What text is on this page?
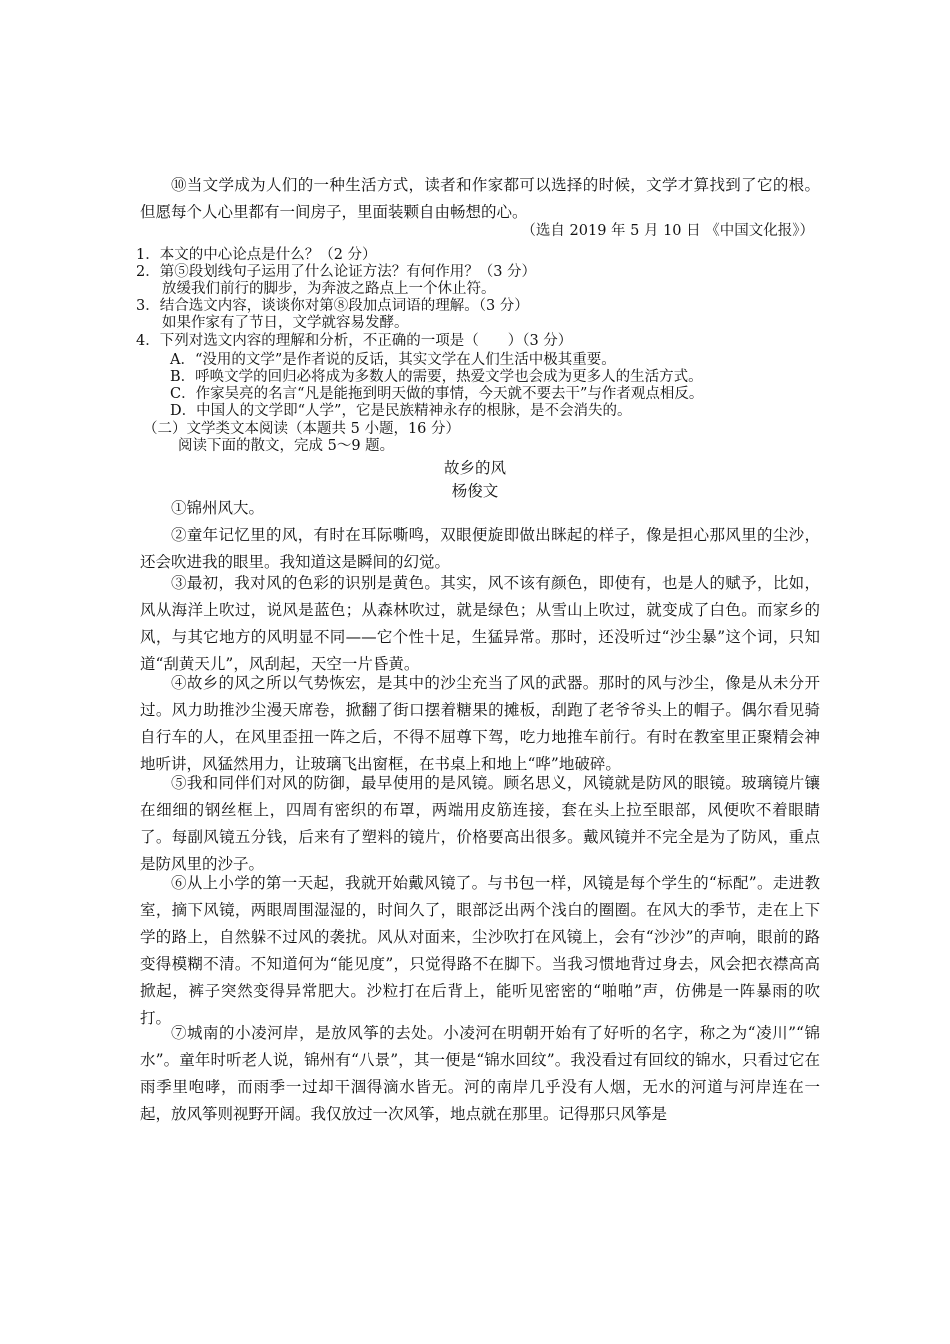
⑩当文学成为人们的一种生活方式，读者和作家都可以选择的时候，文学才算找到了它的根。但愿每个人心里都有一间房子，里面装颗自由畅想的心。

（选自 2019 年 5 月 10 日 《中国文化报》）

1．本文的中心论点是什么？（2 分）

2．第⑤段划线句子运用了什么论证方法？有何作用？（3 分）

放缓我们前行的脚步，为奔波之路点上一个休止符。

3．结合选文内容，谈谈你对第⑧段加点词语的理解。（3 分）

如果作家有了节日，文学就容易发酵。

4．下列对选文内容的理解和分析，不正确的一项是（　　）（3 分）

A．“没用的文学”是作者说的反话，其实文学在人们生活中极其重要。

B．呼唤文学的回归必将成为多数人的需要，热爱文学也会成为更多人的生活方式。

C．作家吴亮的名言“凡是能拖到明天做的事情，今天就不要去干”与作者观点相反。

D．中国人的文学即“人学”，它是民族精神永存的根脉，是不会消失的。

（二）文学类文本阅读（本题共 5 小题，16 分）

阅读下面的散文，完成 5～9 题。

故乡的风

杨俊文

①锦州风大。

②童年记忆里的风，有时在耳际嘶鸣，双眼便旋即做出眯起的样子，像是担心那风里的尘沙，还会吹进我的眼里。我知道这是瞬间的幻觉。

③最初，我对风的色彩的识别是黄色。其实，风不该有颜色，即使有，也是人的赋予，比如，风从海洋上吹过，说风是蓝色；从森林吹过，就是绿色；从雪山上吹过，就变成了白色。而家乡的风，与其它地方的风明显不同——它个性十足，生猛异常。那时，还没听过“沙尘暴”这个词，只知道“刮黄天儿”，风刮起，天空一片昏黄。

④故乡的风之所以气势恢宏，是其中的沙尘充当了风的武器。那时的风与沙尘，像是从未分开过。风力助推沙尘漫天席卷，掀翻了街口摆着糖果的摊板，刮跑了老爷爷头上的帽子。偶尔看见骑自行车的人，在风里歪扭一阵之后，不得不屈尊下驾，吃力地推车前行。有时在教室里正聚精会神地听讲，风猛然用力，让玻璃飞出窗框，在书桌上和地上“哗”地破碎。

⑤我和同伴们对风的防御，最早使用的是风镜。顾名思义，风镜就是防风的眼镜。玻璃镜片镶在细细的钢丝框上，四周有密织的布罩，两端用皮筋连接，套在头上拉至眼部，风便吹不着眼睛了。每副风镜五分钱，后来有了塑料的镜片，价格要高出很多。戴风镜并不完全是为了防风，重点是防风里的沙子。

⑥从上小学的第一天起，我就开始戴风镜了。与书包一样，风镜是每个学生的“标配”。走进教室，摘下风镜，两眼周围湿湿的，时间久了，眼部泛出两个浅白的圈圈。在风大的季节，走在上下学的路上，自然躲不过风的袭扰。风从对面来，尘沙吹打在风镜上，会有“沙沙”的声响，眼前的路变得模糊不清。不知道何为“能见度”，只觉得路不在脚下。当我习惯地背过身去，风会把衣襟高高掀起，裤子突然变得异常肥大。沙粒打在后背上，能听见密密的“啪啪”声，仿佛是一阵暴雨的吹打。

⑦城南的小凌河岸，是放风筝的去处。小凌河在明朝开始有了好听的名字，称之为“凌川”“锦水”。童年时听老人说，锦州有“八景”，其一便是“锦水回纹”。我没看过有回纹的锦水，只看过它在雨季里咆哮，而雨季一过却干涸得滴水皆无。河的南岸几乎没有人烟，无水的河道与河岸连在一起，放风筝则视野开阔。我仅放过一次风筝，地点就在那里。记得那只风筝是
